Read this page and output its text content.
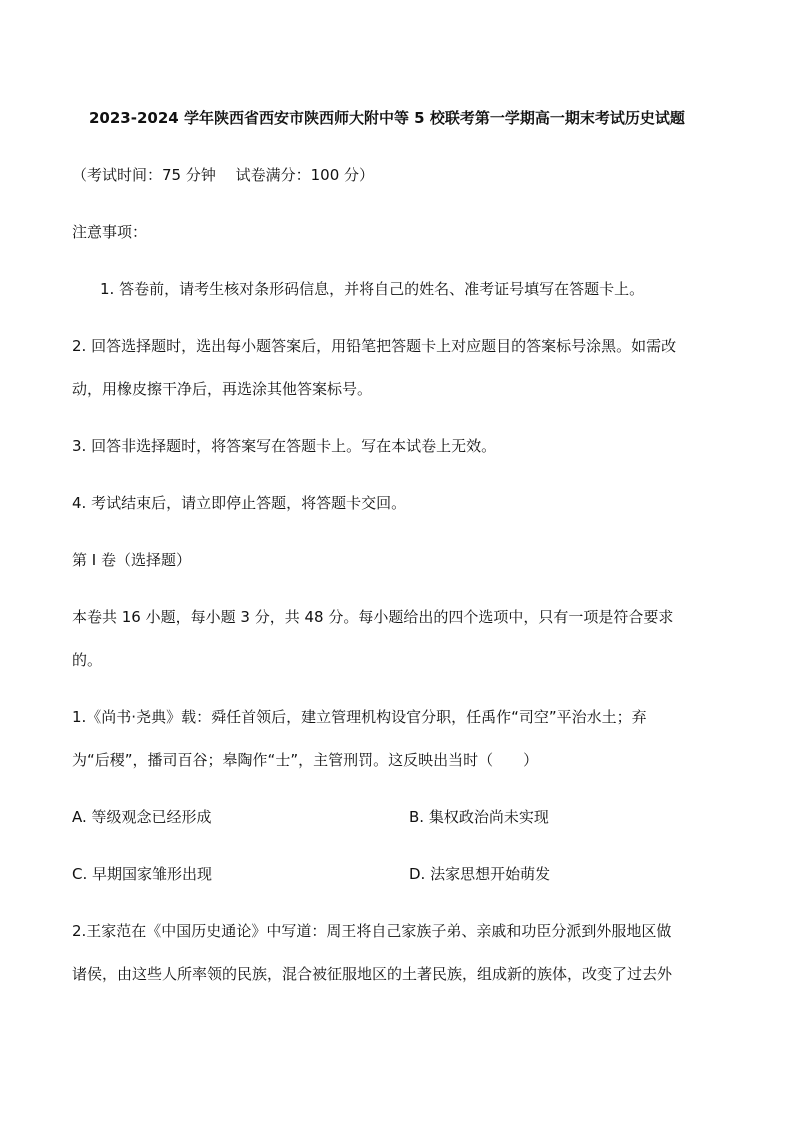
2023-2024 学年陕西省西安市陕西师大附中等 5 校联考第一学期高一期末考试历史试题
（考试时间：75 分钟　 试卷满分：100 分）
注意事项：
1. 答卷前，请考生核对条形码信息，并将自己的姓名、准考证号填写在答题卡上。
2. 回答选择题时，选出每小题答案后，用铅笔把答题卡上对应题目的答案标号涂黑。如需改
动，用橡皮擦干净后，再选涂其他答案标号。
3. 回答非选择题时，将答案写在答题卡上。写在本试卷上无效。
4. 考试结束后，请立即停止答题，将答题卡交回。
第 I 卷（选择题）
本卷共 16 小题，每小题 3 分，共 48 分。每小题给出的四个选项中，只有一项是符合要求
的。
1.《尚书·尧典》载：舜任首领后，建立管理机构设官分职，任禹作“司空”平治水土；弃
为“后稷”，播司百谷；皋陶作“士”，主管刑罚。这反映出当时（　　）
A. 等级观念已经形成	B. 集权政治尚未实现
C. 早期国家雏形出现	D. 法家思想开始萌发
2.王家范在《中国历史通论》中写道：周王将自己家族子弟、亲戚和功臣分派到外服地区做
诸侯，由这些人所率领的民族，混合被征服地区的土著民族，组成新的族体，改变了过去外
